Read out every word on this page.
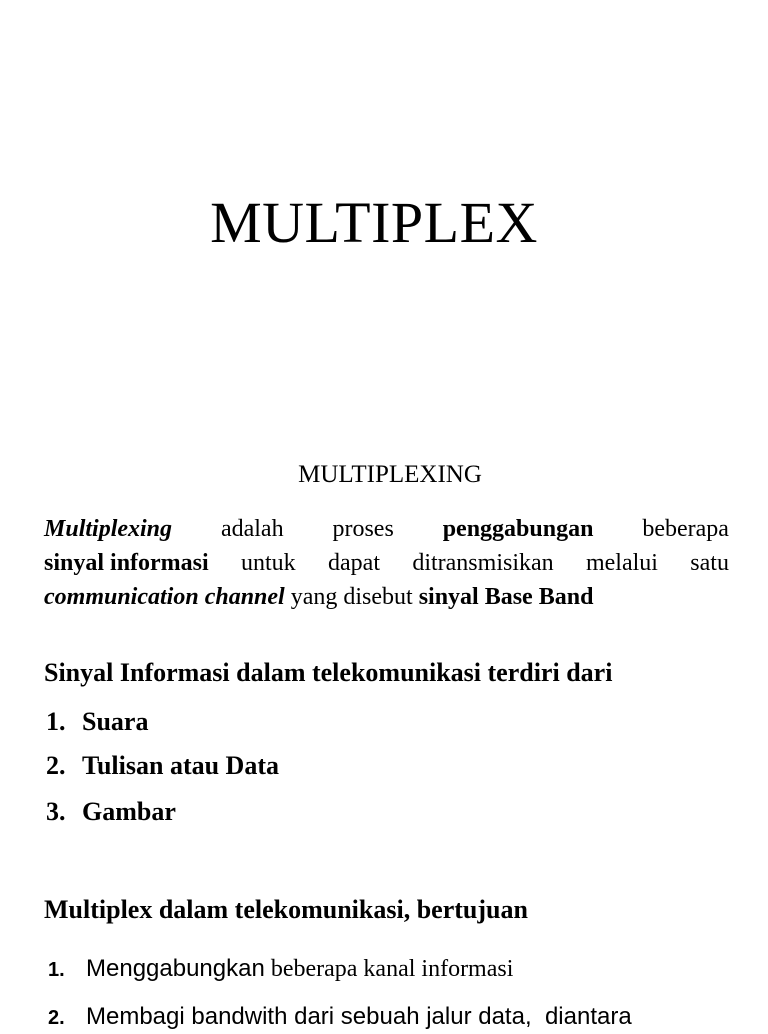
MULTIPLEX
MULTIPLEXING
Multiplexing adalah proses penggabungan beberapa
sinyal informasi untuk dapat ditransmisikan melalui satu
communication channel yang disebut sinyal Base Band
Sinyal Informasi dalam telekomunikasi terdiri dari
1. Suara
2. Tulisan atau Data
3. Gambar
Multiplex dalam telekomunikasi, bertujuan
1. Menggabungkan beberapa kanal informasi
2. Membagi bandwith dari sebuah jalur data, diantara
